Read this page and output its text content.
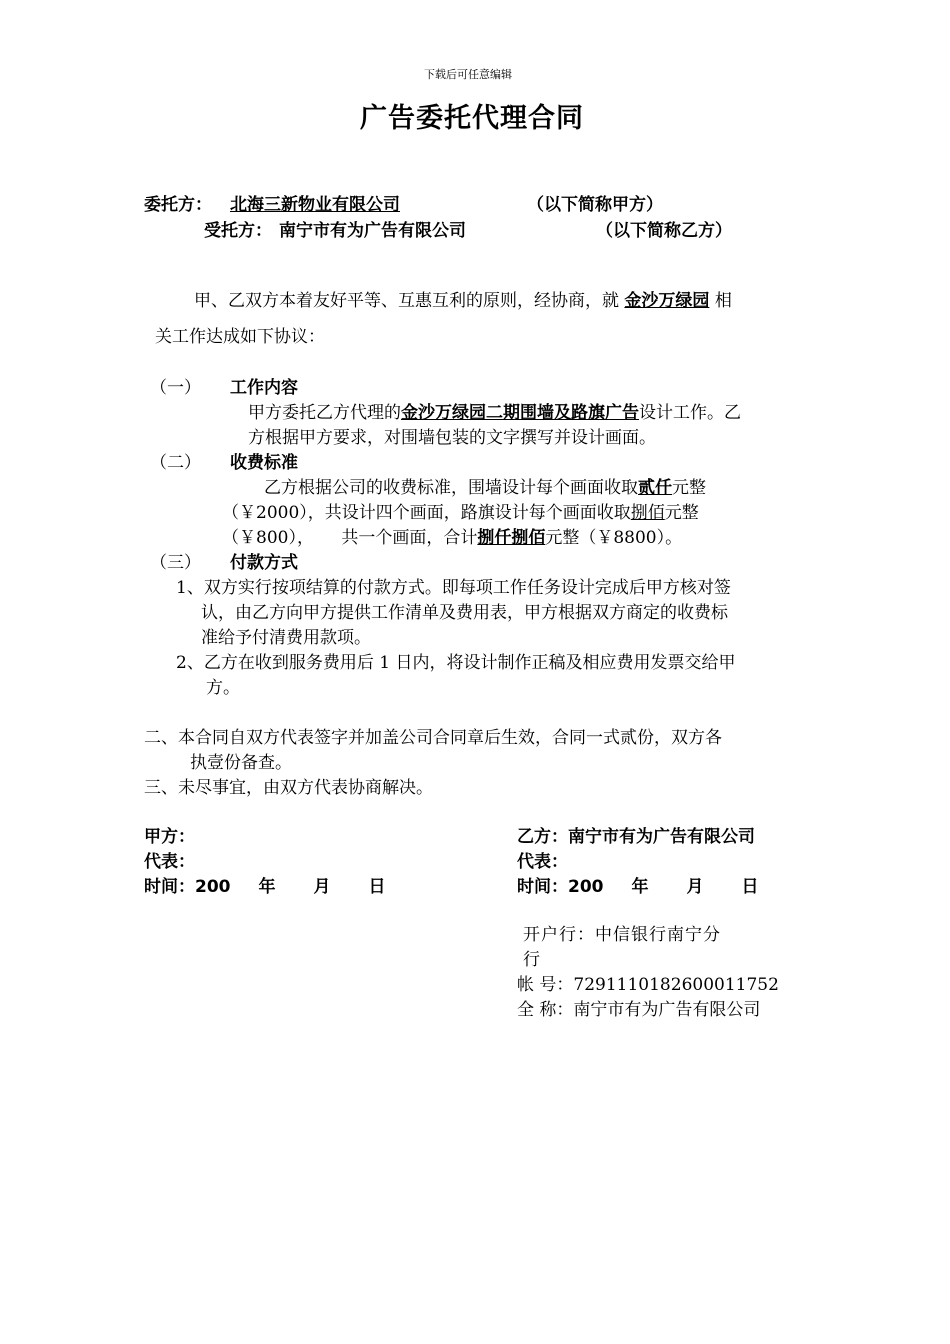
下载后可任意编辑
广告委托代理合同
委托方：	北海三新物业有限公司	（以下简称甲方）
受托方： 南宁市有为广告有限公司	（以下简称乙方）
甲、乙双方本着友好平等、互惠互利的原则，经协商，就 金沙万绿园 相
关工作达成如下协议：
（一） 工作内容
甲方委托乙方代理的金沙万绿园二期围墙及路旗广告设计工作。乙
方根据甲方要求，对围墙包装的文字撰写并设计画面。
（二） 收费标准
乙方根据公司的收费标准，围墙设计每个画面收取贰仟元整
（￥2000），共设计四个画面，路旗设计每个画面收取捌佰元整
（￥800）， 共一个画面，合计捌仟捌佰元整（￥8800）。
（三） 付款方式
1、双方实行按项结算的付款方式。即每项工作任务设计完成后甲方核对签
认，由乙方向甲方提供工作清单及费用表，甲方根据双方商定的收费标
准给予付清费用款项。
2、乙方在收到服务费用后 1 日内，将设计制作正稿及相应费用发票交给甲
方。
二、本合同自双方代表签字并加盖公司合同章后生效，合同一式贰份，双方各
执壹份备查。
三、未尽事宜，由双方代表协商解决。
甲方：
代表：
时间：200 年 月 日
乙方：南宁市有为广告有限公司
代表：
时间：200 年 月 日
开户行：中信银行南宁分
行
帐 号：7291110182600011752
全 称：南宁市有为广告有限公司
